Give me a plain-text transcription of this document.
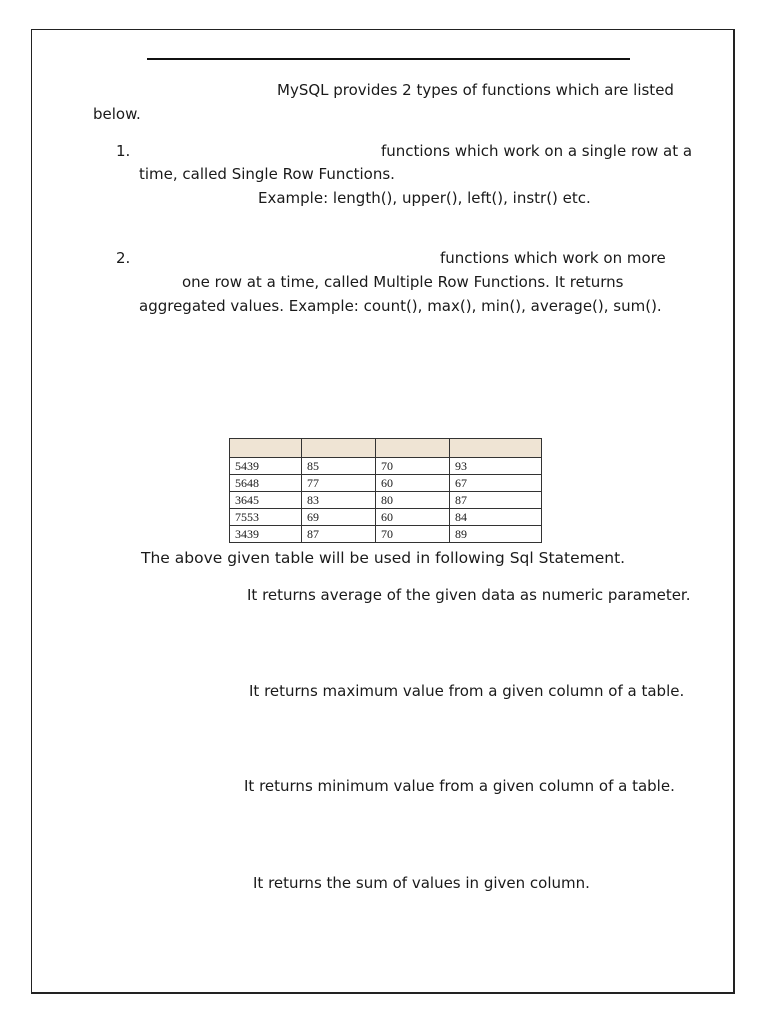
MySQL provides 2 types of functions which are listed
below.
1.	functions which work on a single row at a
time, called Single Row Functions.
Example: length(), upper(), left(), instr() etc.
2.	functions which work on more
one row at a time, called Multiple Row Functions. It returns
aggregated values. Example: count(), max(), min(), average(), sum().

5439	85	70	93
5648	77	60	67
3645	83	80	87
7553	69	60	84
3439	87	70	89
The above given table will be used in following Sql Statement.
It returns average of the given data as numeric parameter.
It returns maximum value from a given column of a table.
It returns minimum value from a given column of a table.
It returns the sum of values in given column.
